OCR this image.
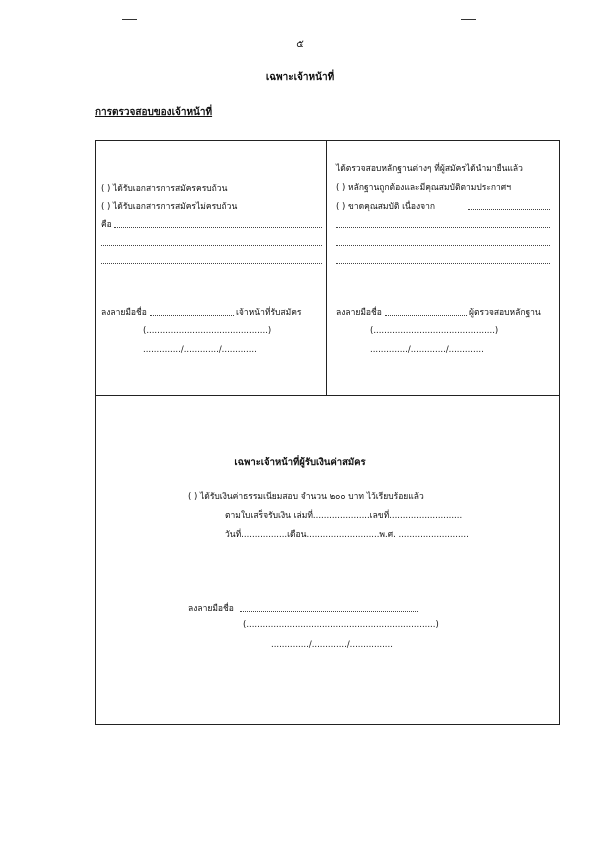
๕
เฉพาะเจ้าหน้าที่
การตรวจสอบของเจ้าหน้าที่
( ) ได้รับเอกสารการสมัครครบถ้วน
( ) ได้รับเอกสารการสมัครไม่ครบถ้วน
คือ
ลงลายมือชื่อ	เจ้าหน้าที่รับสมัคร
(.............................................)
............../............./.............
ได้ตรวจสอบหลักฐานต่างๆ ที่ผู้สมัครได้นำมายืนแล้ว
( ) หลักฐานถูกต้องและมีคุณสมบัติตามประกาศฯ
( ) ขาดคุณสมบัติ เนื่องจาก
ลงลายมือชื่อ	ผู้ตรวจสอบหลักฐาน
(.............................................)
............../............./.............
เฉพาะเจ้าหน้าที่ผู้รับเงินค่าสมัคร
( ) ได้รับเงินค่าธรรมเนียมสอบ จำนวน ๒๐๐ บาท ไว้เรียบร้อยแล้ว
ตามใบเสร็จรับเงิน เล่มที่.....................เลขที่...........................
วันที่.................เดือน...........................พ.ศ. ..........................
ลงลายมือชื่อ
(......................................................................)
............../............./................
